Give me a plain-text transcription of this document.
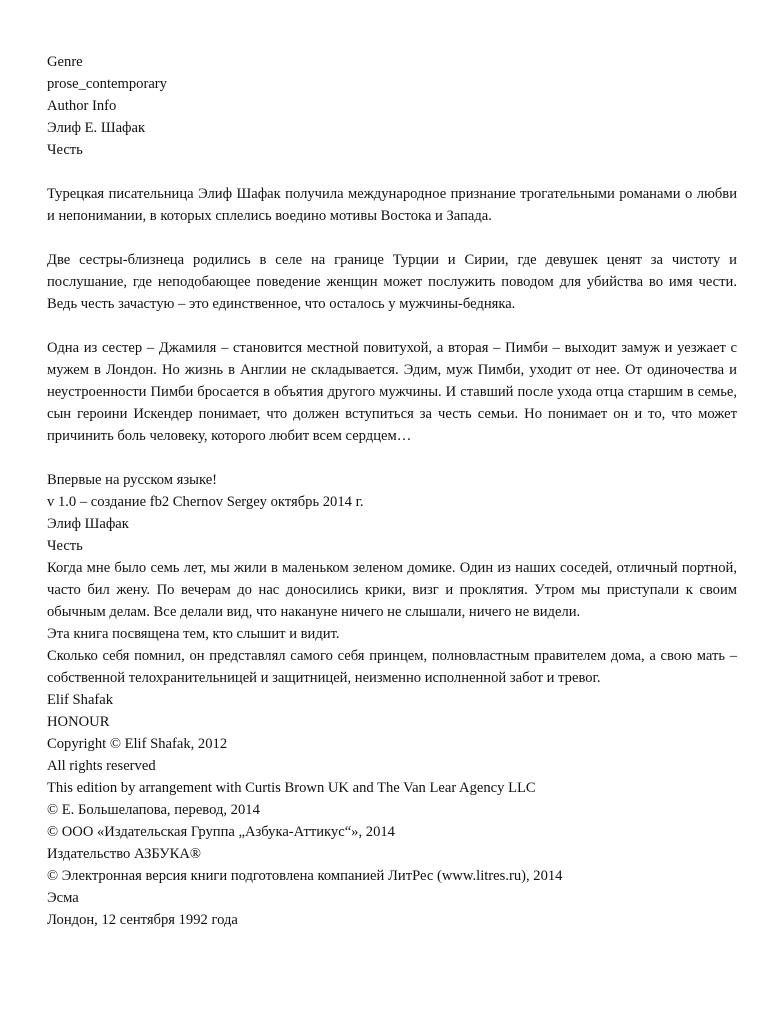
Genre
prose_contemporary
Author Info
Элиф Е. Шафак
Честь

Турецкая писательница Элиф Шафак получила международное признание трогательными романами о любви и непонимании, в которых сплелись воедино мотивы Востока и Запада.

Две сестры-близнеца родились в селе на границе Турции и Сирии, где девушек ценят за чистоту и послушание, где неподобающее поведение женщин может послужить поводом для убийства во имя чести. Ведь честь зачастую – это единственное, что осталось у мужчины-бедняка.

Одна из сестер – Джамиля – становится местной повитухой, а вторая – Пимби – выходит замуж и уезжает с мужем в Лондон. Но жизнь в Англии не складывается. Эдим, муж Пимби, уходит от нее. От одиночества и неустроенности Пимби бросается в объятия другого мужчины. И ставший после ухода отца старшим в семье, сын героини Искендер понимает, что должен вступиться за честь семьи. Но понимает он и то, что может причинить боль человеку, которого любит всем сердцем…

Впервые на русском языке!
v 1.0 – создание fb2 Chernov Sergey октябрь 2014 г.
Элиф Шафак
Честь

Когда мне было семь лет, мы жили в маленьком зеленом домике. Один из наших соседей, отличный портной, часто бил жену. По вечерам до нас доносились крики, визг и проклятия. Утром мы приступали к своим обычным делам. Все делали вид, что накануне ничего не слышали, ничего не видели.

Эта книга посвящена тем, кто слышит и видит.

Сколько себя помнил, он представлял самого себя принцем, полновластным правителем дома, а свою мать – собственной телохранительницей и защитницей, неизменно исполненной забот и тревог.

Elif Shafak
HONOUR
Copyright © Elif Shafak, 2012
All rights reserved
This edition by arrangement with Curtis Brown UK and The Van Lear Agency LLC
© Е. Большелапова, перевод, 2014
© ООО «Издательская Группа „Азбука-Аттикус“», 2014
Издательство АЗБУКА®
© Электронная версия книги подготовлена компанией ЛитРес (www.litres.ru), 2014
Эсма
Лондон, 12 сентября 1992 года
